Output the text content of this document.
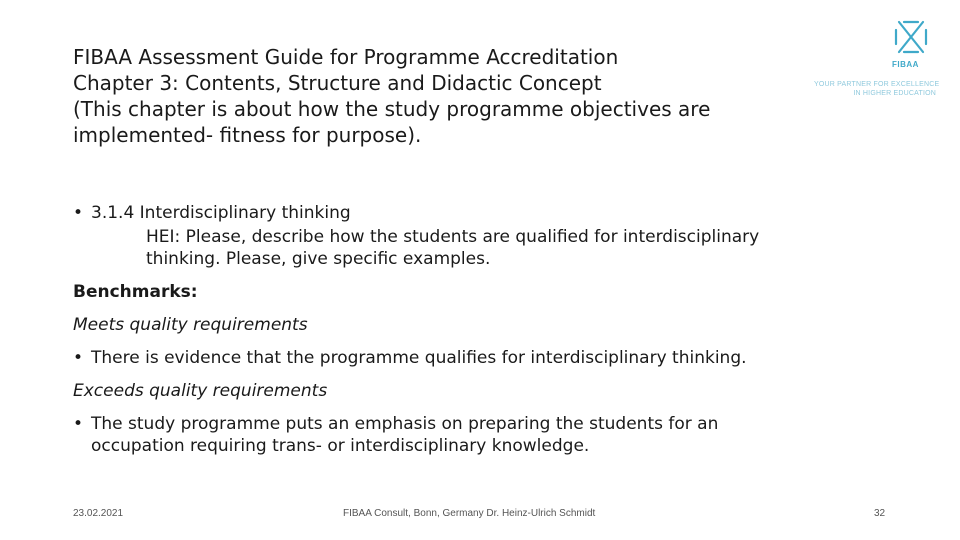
FIBAA Assessment Guide for Programme Accreditation
Chapter 3: Contents, Structure and Didactic Concept
(This chapter is about how the study programme objectives are
implemented- fitness for purpose).
FIBAA
YOUR PARTNER FOR EXCELLENCE
IN HIGHER EDUCATION
• 3.1.4 Interdisciplinary thinking
HEI: Please, describe how the students are qualified for interdisciplinary
thinking. Please, give specific examples.
Benchmarks:
Meets quality requirements
• There is evidence that the programme qualifies for interdisciplinary thinking.
Exceeds quality requirements
• The study programme puts an emphasis on preparing the students for an
occupation requiring trans- or interdisciplinary knowledge.
23.02.2021	FIBAA Consult, Bonn, Germany Dr. Heinz-Ulrich Schmidt	32
